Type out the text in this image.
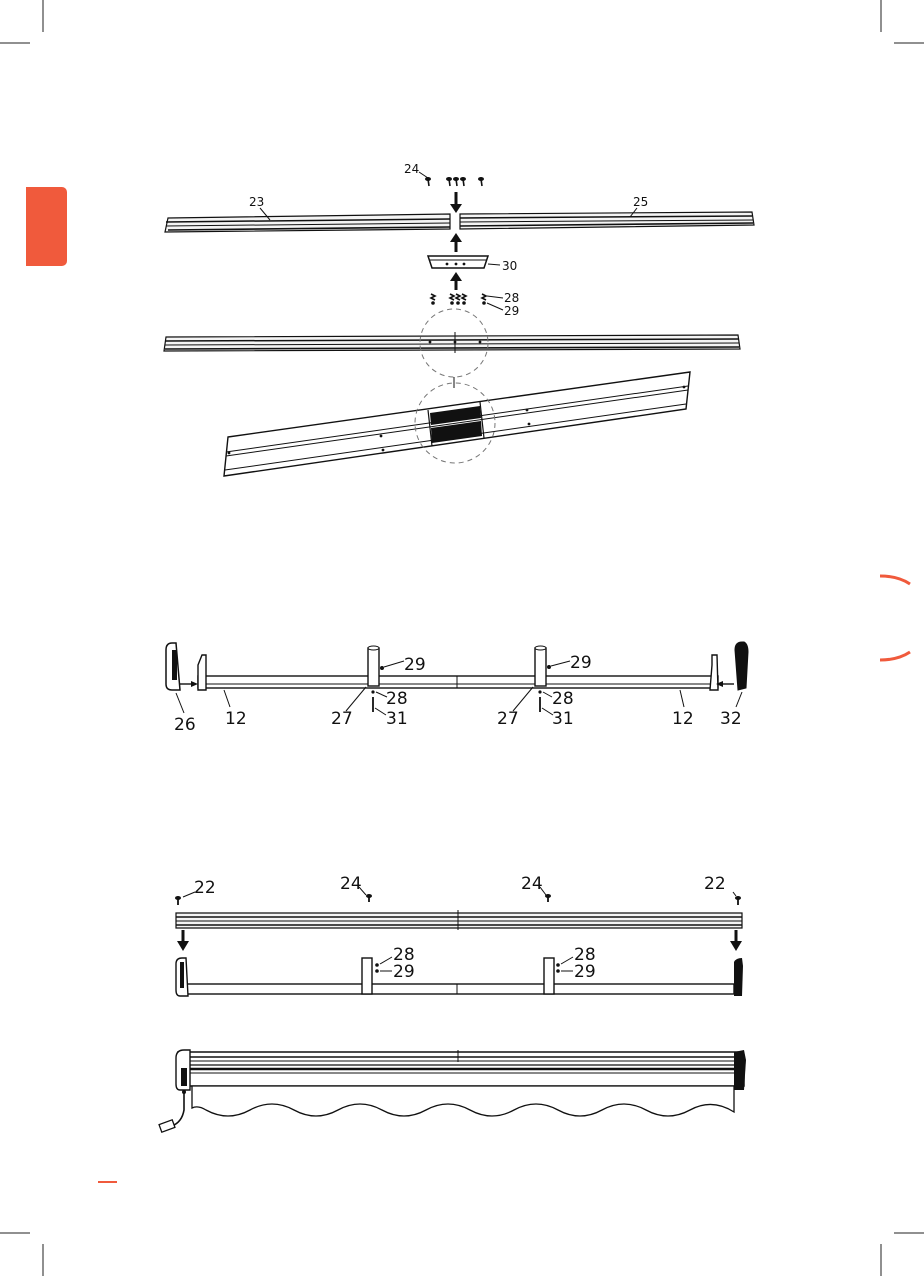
24
23	25
30
28
29
26 12	27
29
28
31	27
29
28
31	12 32
22	24	24	22
28
29
28
29
